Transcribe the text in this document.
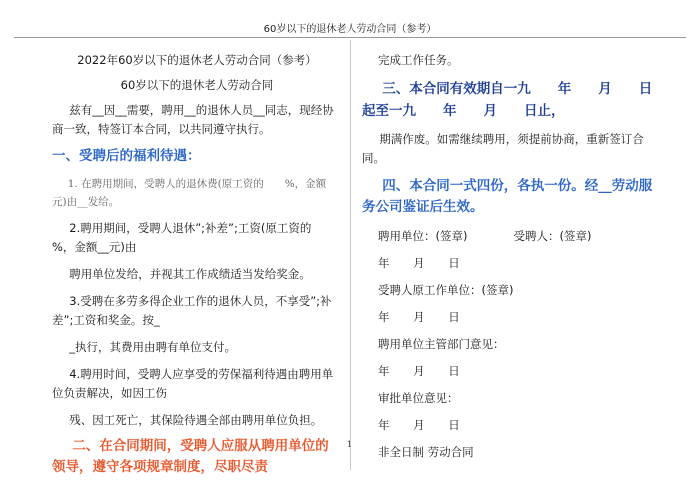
60岁以下的退休老人劳动合同（参考）

2022年60岁以下的退休老人劳动合同（参考）

60岁以下的退休老人劳动合同

兹有__因__需要，聘用__的退休人员__同志，现经协商一致，特签订本合同，以共同遵守执行。

一、受聘后的福利待遇：

1. 在聘用期间，受聘人的退休费(原工资的　　%，金额　　元)由__发给。

2.聘用期间，受聘人退休”;补差”;工资(原工资的　　%，金额__元)由

聘用单位发给，并视其工作成绩适当发给奖金。

3.受聘在多劳多得企业工作的退休人员，不享受”;补差”;工资和奖金。按_

_执行，其费用由聘有单位支付。

4.聘用时间，受聘人应享受的劳保福利待遇由聘用单位负责解决，如因工伤

残、因工死亡，其保险待遇全部由聘用单位负担。

二、在合同期间，受聘人应服从聘用单位的领导，遵守各项规章制度，尽职尽责

完成工作任务。

三、本合同有效期自一九　　年　　月　　日起至一九　　年　　月　　日止，

期满作废。如需继续聘用，须提前协商，重新签订合同。

四、本合同一式四份，各执一份。经__劳动服务公司鉴证后生效。

聘用单位：(签章)　　　　受聘人：(签章)

年 月 日

受聘人原工作单位：(签章)

年 月 日

聘用单位主管部门意见：

年 月 日

审批单位意见：

年 月 日

非全日制 劳动合同

1
